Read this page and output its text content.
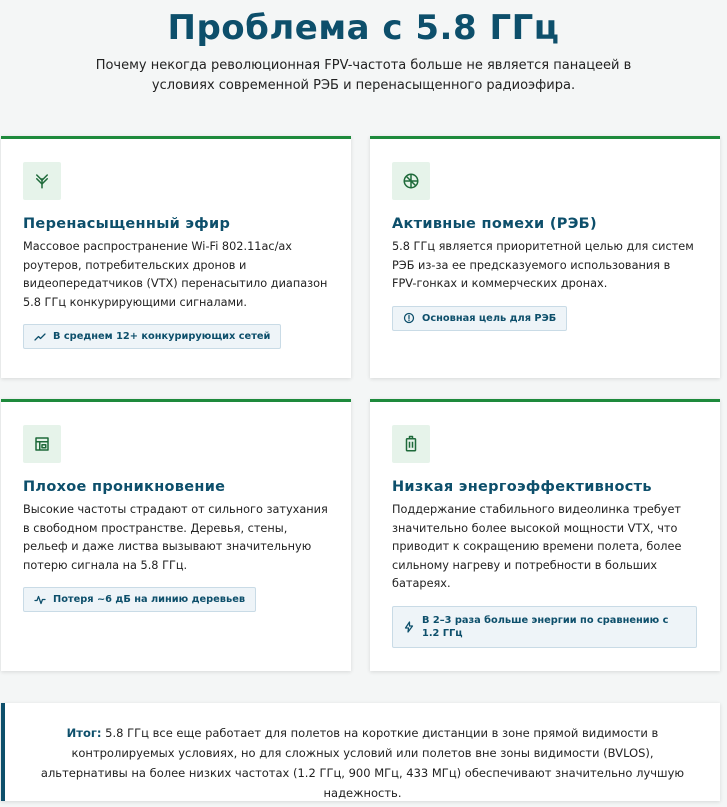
Проблема с 5.8 ГГц
Почему некогда революционная FPV-частота больше не является панацеей в условиях современной РЭБ и перенасыщенного радиоэфира.
Перенасыщенный эфир

Массовое распространение Wi-Fi 802.11ac/ax роутеров, потребительских дронов и видеопередатчиков (VTX) перенасытило диапазон 5.8 ГГц конкурирующими сигналами.

В среднем 12+ конкурирующих сетей
Активные помехи (РЭБ)

5.8 ГГц является приоритетной целью для систем РЭБ из-за ее предсказуемого использования в FPV-гонках и коммерческих дронах.

Основная цель для РЭБ
Плохое проникновение

Высокие частоты страдают от сильного затухания в свободном пространстве. Деревья, стены, рельеф и даже листва вызывают значительную потерю сигнала на 5.8 ГГц.

Потеря ~6 дБ на линию деревьев
Низкая энергоэффективность

Поддержание стабильного видеолинка требует значительно более высокой мощности VTX, что приводит к сокращению времени полета, более сильному нагреву и потребности в больших батареях.

В 2–3 раза больше энергии по сравнению с 1.2 ГГц
Итог: 5.8 ГГц все еще работает для полетов на короткие дистанции в зоне прямой видимости в контролируемых условиях, но для сложных условий или полетов вне зоны видимости (BVLOS), альтернативы на более низких частотах (1.2 ГГц, 900 МГц, 433 МГц) обеспечивают значительно лучшую надежность.
